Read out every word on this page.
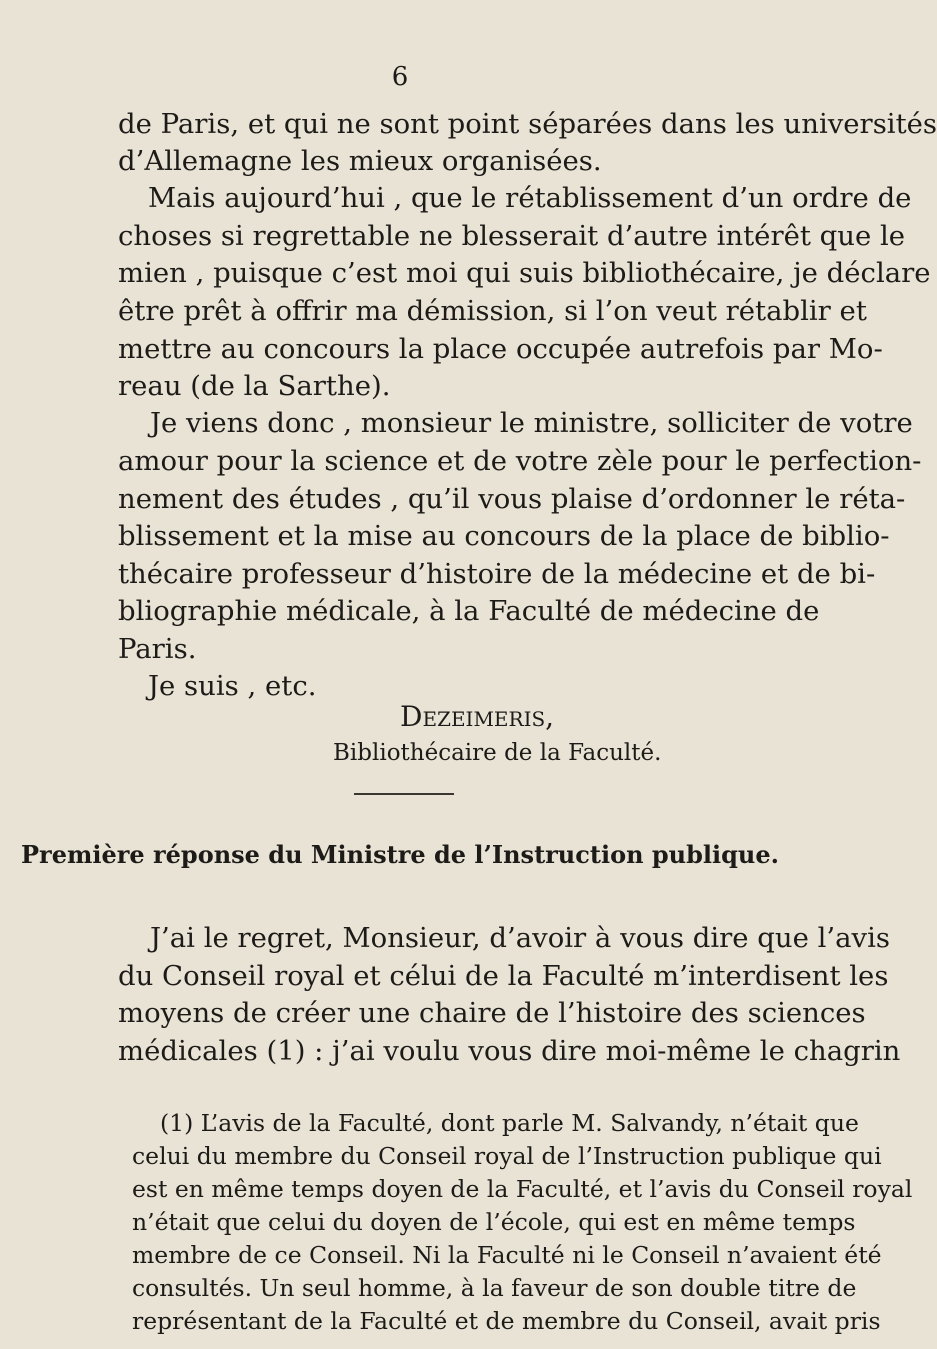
6
de Paris, et qui ne sont point séparées dans les universités
d’Allemagne les mieux organisées.
Mais aujourd’hui , que le rétablissement d’un ordre de
choses si regrettable ne blesserait d’autre intérêt que le
mien , puisque c’est moi qui suis bibliothécaire, je déclare
être prêt à offrir ma démission, si l’on veut rétablir et
mettre au concours la place occupée autrefois par Mo-
reau (de la Sarthe).
Je viens donc , monsieur le ministre, solliciter de votre
amour pour la science et de votre zèle pour le perfection-
nement des études , qu’il vous plaise d’ordonner le réta-
blissement et la mise au concours de la place de biblio-
thécaire professeur d’histoire de la médecine et de bi-
bliographie médicale, à la Faculté de médecine de
Paris.
Je suis , etc.
Dezeimeris,
Bibliothécaire de la Faculté.
Première réponse du Ministre de l’Instruction publique.
J’ai le regret, Monsieur, d’avoir à vous dire que l’avis
du Conseil royal et célui de la Faculté m’interdisent les
moyens de créer une chaire de l’histoire des sciences
médicales (1) : j’ai voulu vous dire moi-même le chagrin
(1) L’avis de la Faculté, dont parle M. Salvandy, n’était que
celui du membre du Conseil royal de l’Instruction publique qui
est en même temps doyen de la Faculté, et l’avis du Conseil royal
n’était que celui du doyen de l’école, qui est en même temps
membre de ce Conseil. Ni la Faculté ni le Conseil n’avaient été
consultés. Un seul homme, à la faveur de son double titre de
représentant de la Faculté et de membre du Conseil, avait pris
